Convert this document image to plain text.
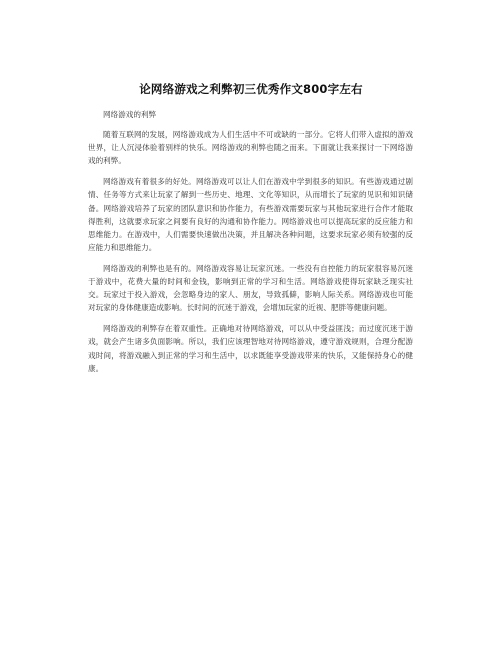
论网络游戏之利弊初三优秀作文800字左右

网络游戏的利弊

随着互联网的发展，网络游戏成为人们生活中不可或缺的一部分。它将人们带入虚拟的游戏世界，让人沉浸体验着别样的快乐。网络游戏的利弊也随之而来。下面就让我来探讨一下网络游戏的利弊。

网络游戏有着很多的好处。网络游戏可以让人们在游戏中学到很多的知识。有些游戏通过剧情、任务等方式来让玩家了解到一些历史、地理、文化等知识，从而增长了玩家的见识和知识储备。网络游戏培养了玩家的团队意识和协作能力，有些游戏需要玩家与其他玩家进行合作才能取得胜利，这就要求玩家之间要有良好的沟通和协作能力。网络游戏也可以提高玩家的反应能力和思维能力。在游戏中，人们需要快速做出决策，并且解决各种问题，这要求玩家必须有较强的反应能力和思维能力。

网络游戏的利弊也是有的。网络游戏容易让玩家沉迷。一些没有自控能力的玩家很容易沉迷于游戏中，花费大量的时间和金钱，影响到正常的学习和生活。网络游戏使得玩家缺乏现实社交。玩家过于投入游戏，会忽略身边的家人、朋友，导致孤僻，影响人际关系。网络游戏也可能对玩家的身体健康造成影响。长时间的沉迷于游戏，会增加玩家的近视、肥胖等健康问题。

网络游戏的利弊存在着双重性。正确地对待网络游戏，可以从中受益匪浅；而过度沉迷于游戏，就会产生诸多负面影响。所以，我们应该理智地对待网络游戏，遵守游戏规则，合理分配游戏时间，将游戏融入到正常的学习和生活中，以求既能享受游戏带来的快乐，又能保持身心的健康。
